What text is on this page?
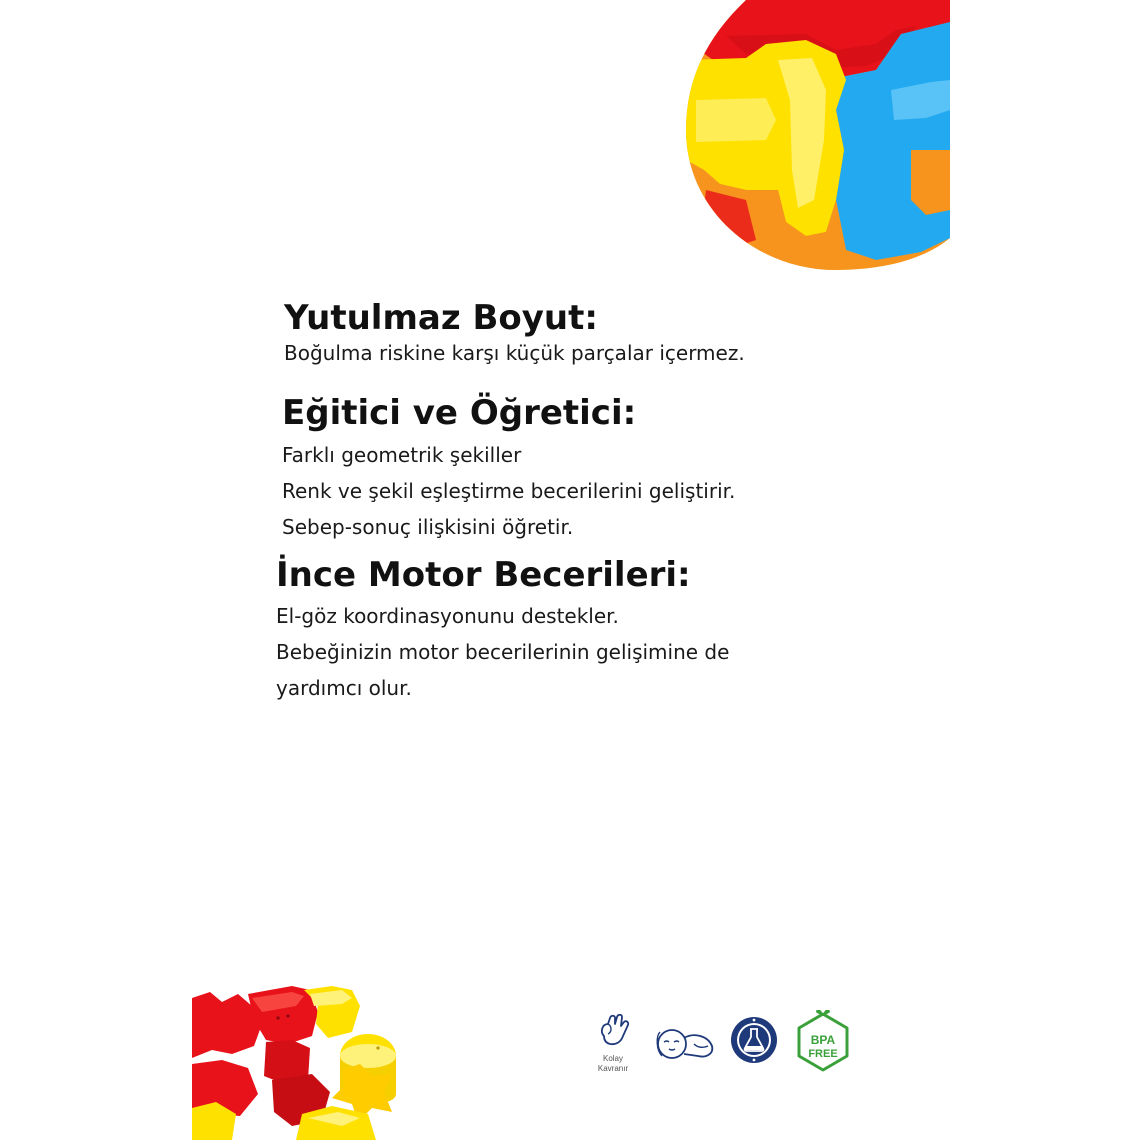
Yutulmaz Boyut:

Boğulma riskine karşı küçük parçalar içermez.

Eğitici ve Öğretici:

Farklı geometrik şekiller

Renk ve şekil eşleştirme becerilerini geliştirir.

Sebep-sonuç ilişkisini öğretir.

İnce Motor Becerileri:

El-göz koordinasyonunu destekler.

Bebeğinizin motor becerilerinin gelişimine de

yardımcı olur.

Kolay
Kavranır
BPA
FREE
